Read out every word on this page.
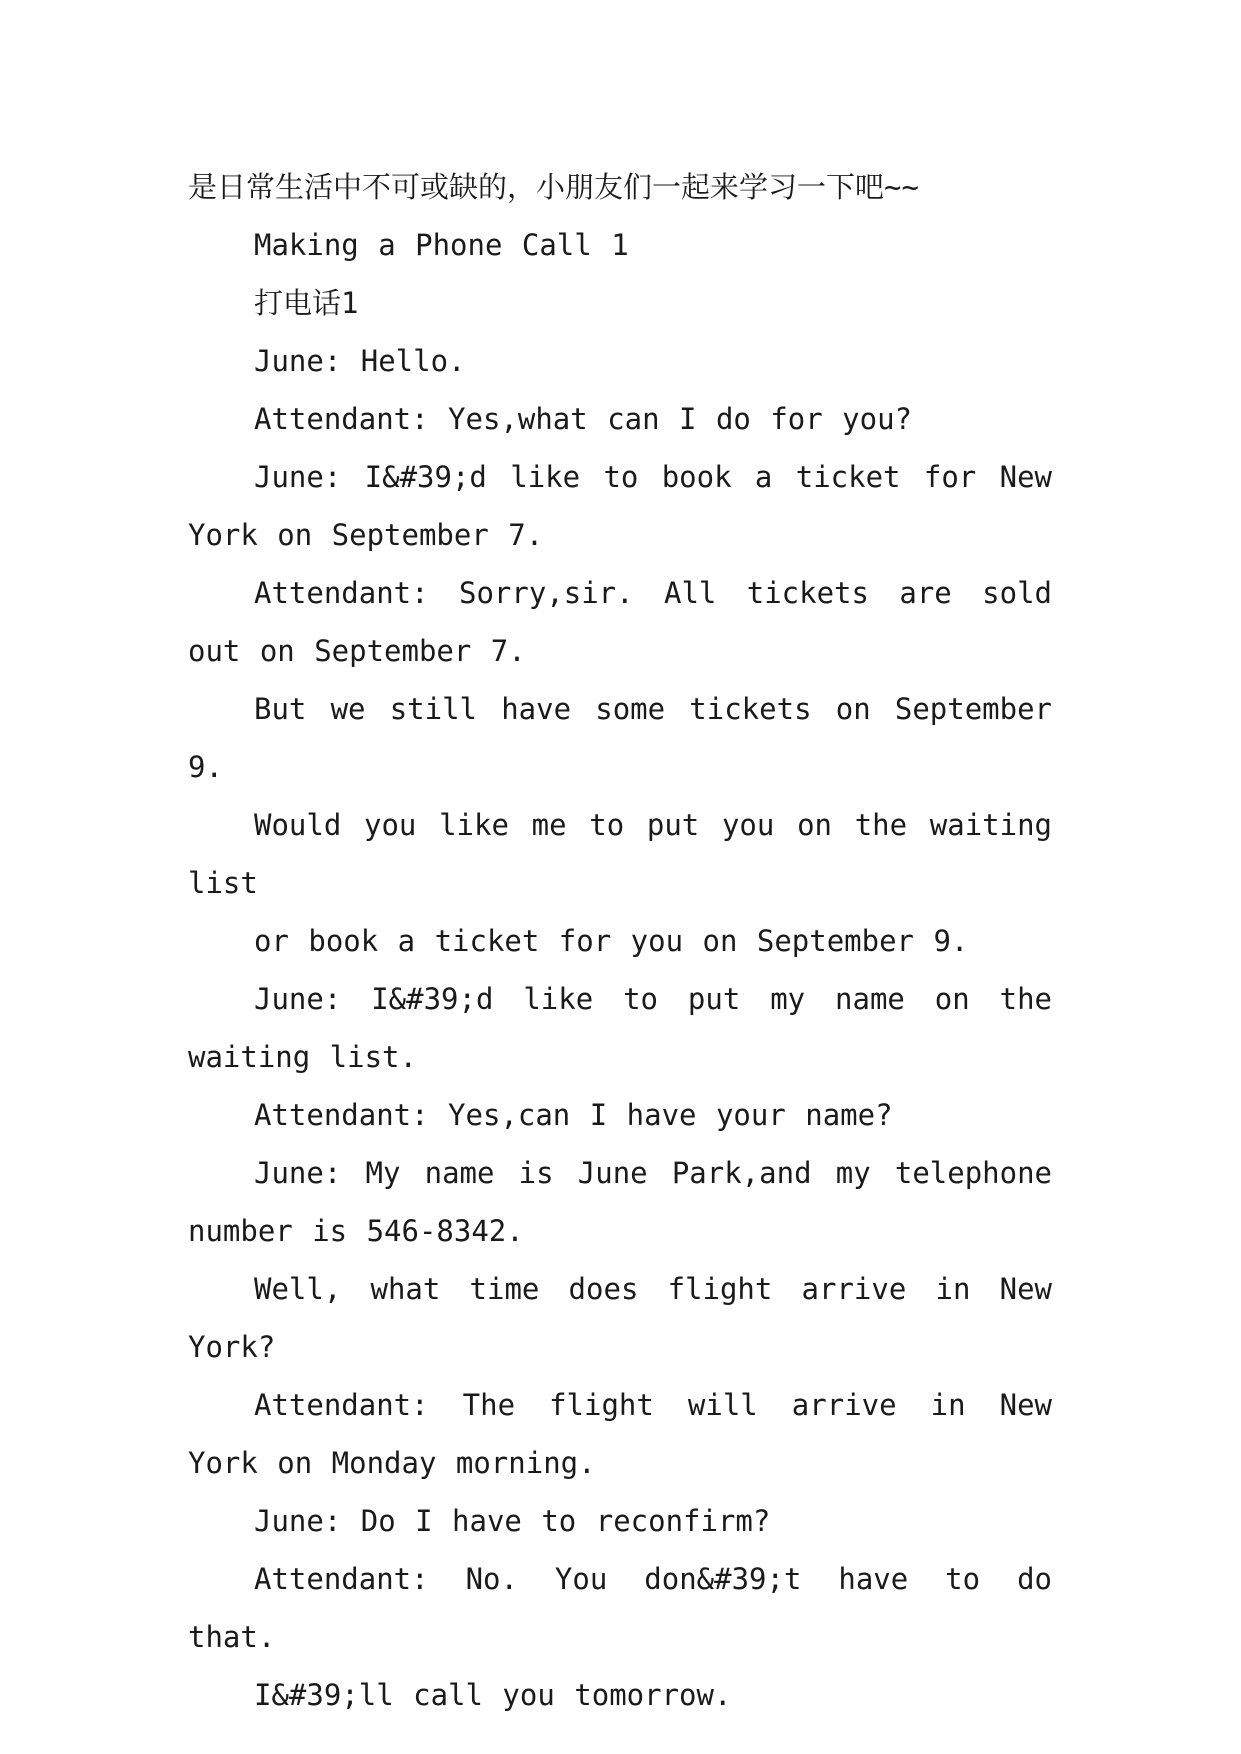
是日常生活中不可或缺的，小朋友们一起来学习一下吧~~

Making a Phone Call 1

打电话1

June: Hello.

Attendant: Yes,what can I do for you?

June: I&#39;d like to book a ticket for New York on September 7.

Attendant: Sorry,sir. All tickets are sold out on September 7.

But we still have some tickets on September 9.

Would you like me to put you on the waiting list

or book a ticket for you on September 9.

June: I&#39;d like to put my name on the waiting list.

Attendant: Yes,can I have your name?

June: My name is June Park,and my telephone number is 546-8342.

Well, what time does flight arrive in New York?

Attendant: The flight will arrive in New York on Monday morning.

June: Do I have to reconfirm?

Attendant: No. You don&#39;t have to do that.

I&#39;ll call you tomorrow.
